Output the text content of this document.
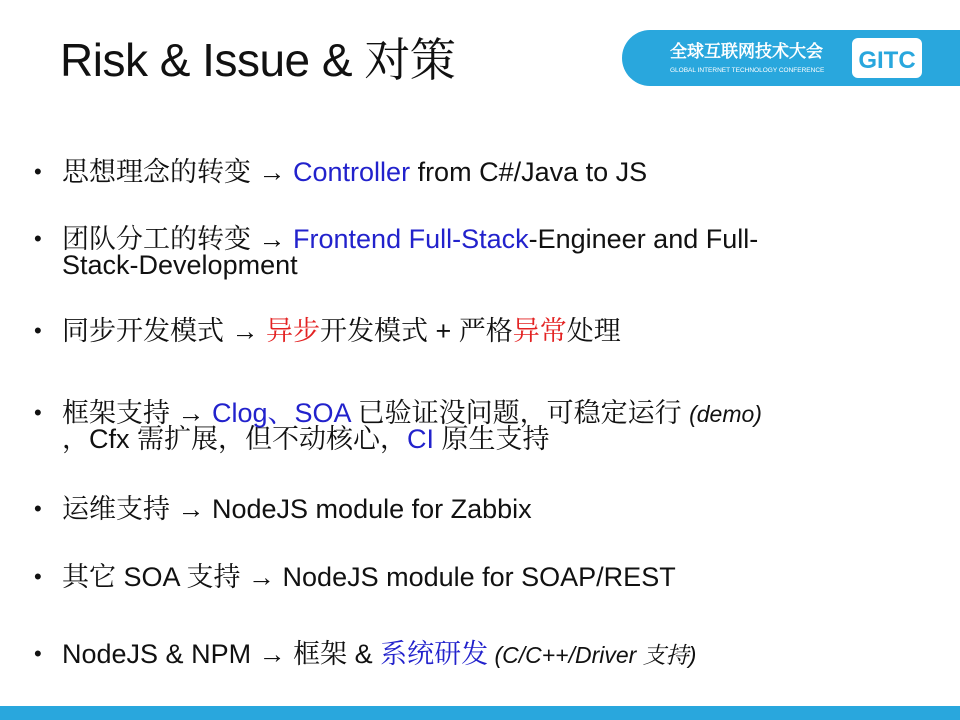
Risk & Issue & 对策	全球互联网技术大会
GLOBAL INTERNET TECHNOLOGY CONFERENCE GITC
• 思想理念的转变 → Controller from C#/Java to JS
• 团队分工的转变 → Frontend Full-Stack-Engineer and Full-
Stack-Development
• 同步开发模式 → 异步开发模式 + 严格异常处理
• 框架支持 → Clog、SOA 已验证没问题，可稳定运行 (demo)
，Cfx 需扩展，但不动核心，CI 原生支持
• 运维支持 → NodeJS module for Zabbix
• 其它 SOA 支持 → NodeJS module for SOAP/REST
• NodeJS & NPM → 框架 & 系统研发 (C/C++/Driver 支持)
